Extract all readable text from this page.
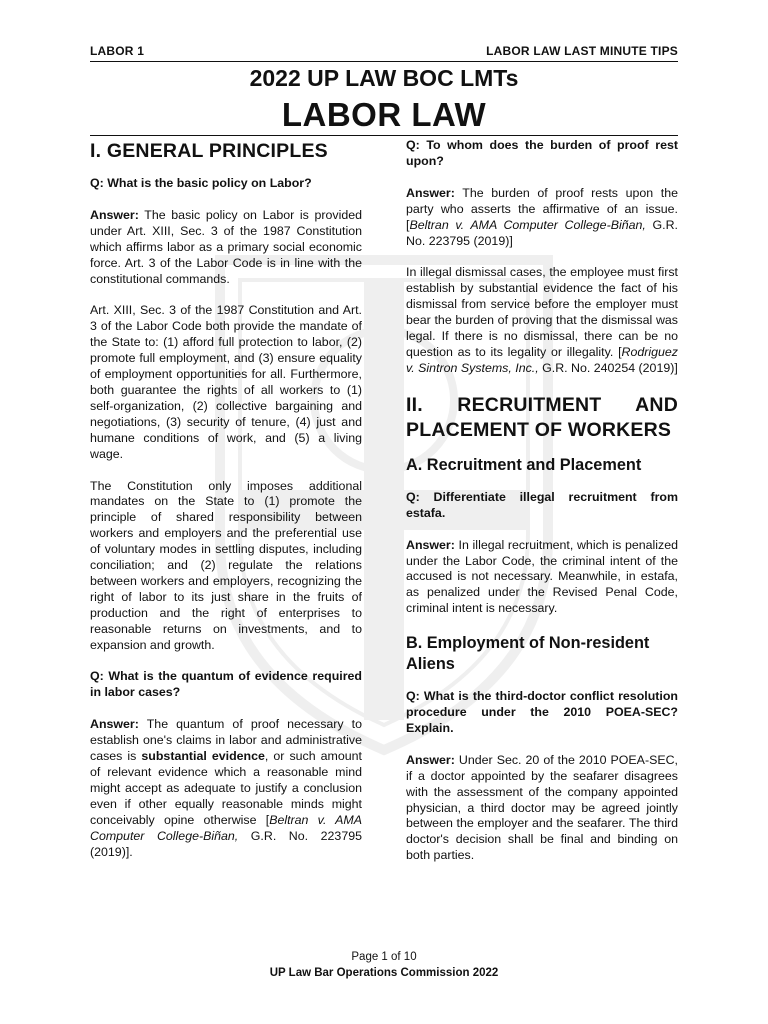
LABOR 1	LABOR LAW LAST MINUTE TIPS
2022 UP LAW BOC LMTs
LABOR LAW
I. GENERAL PRINCIPLES

Q: What is the basic policy on Labor?

Answer: The basic policy on Labor is provided under Art. XIII, Sec. 3 of the 1987 Constitution which affirms labor as a primary social economic force. Art. 3 of the Labor Code is in line with the constitutional commands.

Art. XIII, Sec. 3 of the 1987 Constitution and Art. 3 of the Labor Code both provide the mandate of the State to: (1) afford full protection to labor, (2) promote full employment, and (3) ensure equality of employment opportunities for all. Furthermore, both guarantee the rights of all workers to (1) self-organization, (2) collective bargaining and negotiations, (3) security of tenure, (4) just and humane conditions of work, and (5) a living wage.

The Constitution only imposes additional mandates on the State to (1) promote the principle of shared responsibility between workers and employers and the preferential use of voluntary modes in settling disputes, including conciliation; and (2) regulate the relations between workers and employers, recognizing the right of labor to its just share in the fruits of production and the right of enterprises to reasonable returns on investments, and to expansion and growth.

Q: What is the quantum of evidence required in labor cases?

Answer: The quantum of proof necessary to establish one's claims in labor and administrative cases is substantial evidence, or such amount of relevant evidence which a reasonable mind might accept as adequate to justify a conclusion even if other equally reasonable minds might conceivably opine otherwise [Beltran v. AMA Computer College-Biñan, G.R. No. 223795 (2019)].

Q: To whom does the burden of proof rest upon?

Answer: The burden of proof rests upon the party who asserts the affirmative of an issue. [Beltran v. AMA Computer College-Biñan, G.R. No. 223795 (2019)]

In illegal dismissal cases, the employee must first establish by substantial evidence the fact of his dismissal from service before the employer must bear the burden of proving that the dismissal was legal. If there is no dismissal, there can be no question as to its legality or illegality. [Rodriguez v. Sintron Systems, Inc., G.R. No. 240254 (2019)]

II. RECRUITMENT AND
PLACEMENT OF WORKERS
A. Recruitment and Placement

Q: Differentiate illegal recruitment from estafa.

Answer: In illegal recruitment, which is penalized under the Labor Code, the criminal intent of the accused is not necessary. Meanwhile, in estafa, as penalized under the Revised Penal Code, criminal intent is necessary.

B. Employment of Non-resident Aliens

Q: What is the third-doctor conflict resolution procedure under the 2010 POEA-SEC? Explain.

Answer: Under Sec. 20 of the 2010 POEA-SEC, if a doctor appointed by the seafarer disagrees with the assessment of the company appointed physician, a third doctor may be agreed jointly between the employer and the seafarer. The third doctor's decision shall be final and binding on both parties.

Page 1 of 10
UP Law Bar Operations Commission 2022
